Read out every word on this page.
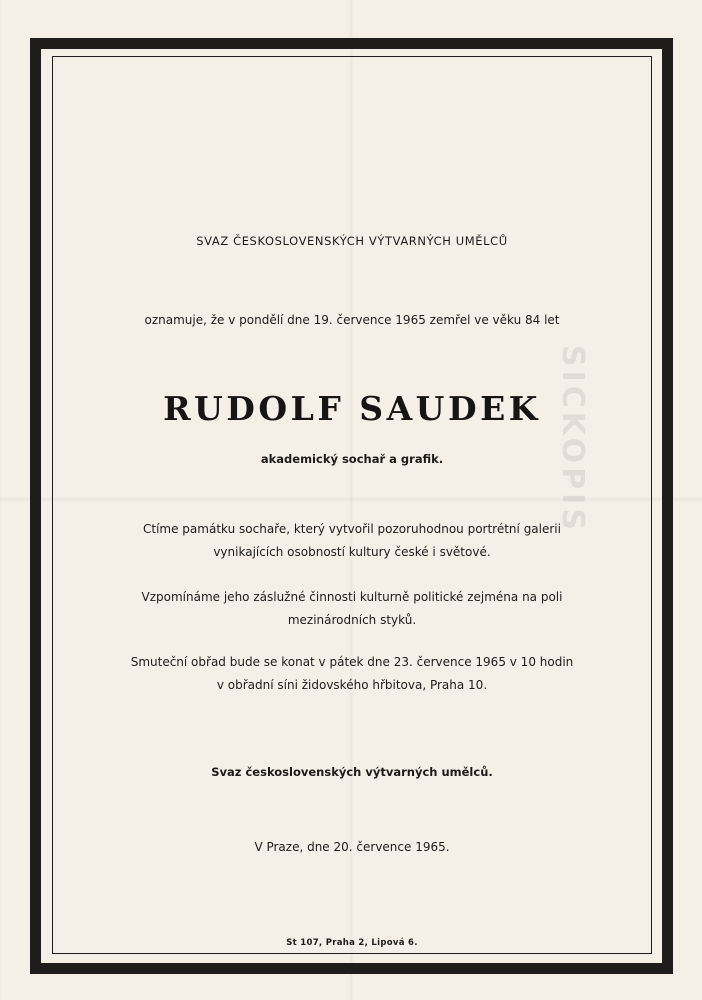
SICKOPIS
SVAZ ČESKOSLOVENSKÝCH VÝTVARNÝCH UMĚLCŮ
oznamuje, že v pondělí dne 19. července 1965 zemřel ve věku 84 let
RUDOLF SAUDEK
akademický sochař a grafik.
Ctíme památku sochaře, který vytvořil pozoruhodnou portrétní galerii
vynikajících osobností kultury české i světové.
Vzpomínáme jeho záslužné činnosti kulturně politické zejména na poli
mezinárodních styků.
Smuteční obřad bude se konat v pátek dne 23. července 1965 v 10 hodin
v obřadní síni židovského hřbitova, Praha 10.
Svaz československých výtvarných umělců.
V Praze, dne 20. července 1965.
St 107, Praha 2, Lipová 6.
